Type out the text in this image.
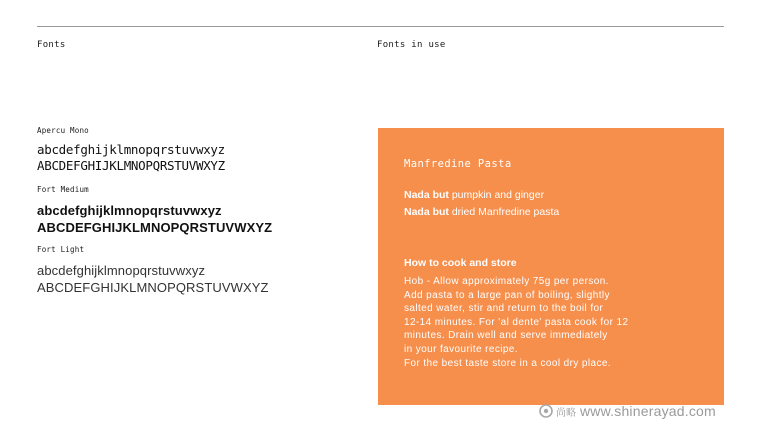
Fonts	Fonts in use
Apercu Mono
abcdefghijklmnopqrstuvwxyz
ABCDEFGHIJKLMNOPQRSTUVWXYZ
Fort Medium
abcdefghijklmnopqrstuvwxyz
ABCDEFGHIJKLMNOPQRSTUVWXYZ
Fort Light
abcdefghijklmnopqrstuvwxyz
ABCDEFGHIJKLMNOPQRSTUVWXYZ
Manfredine Pasta
Nada but pumpkin and ginger
Nada but dried Manfredine pasta
How to cook and store
Hob - Allow approximately 75g per person.
Add pasta to a large pan of boiling, slightly
salted water, stir and return to the boil for
12-14 minutes. For 'al dente' pasta cook for 12
minutes. Drain well and serve immediately
in your favourite recipe.
For the best taste store in a cool dry place.
尚略 www.shinerayad.com
